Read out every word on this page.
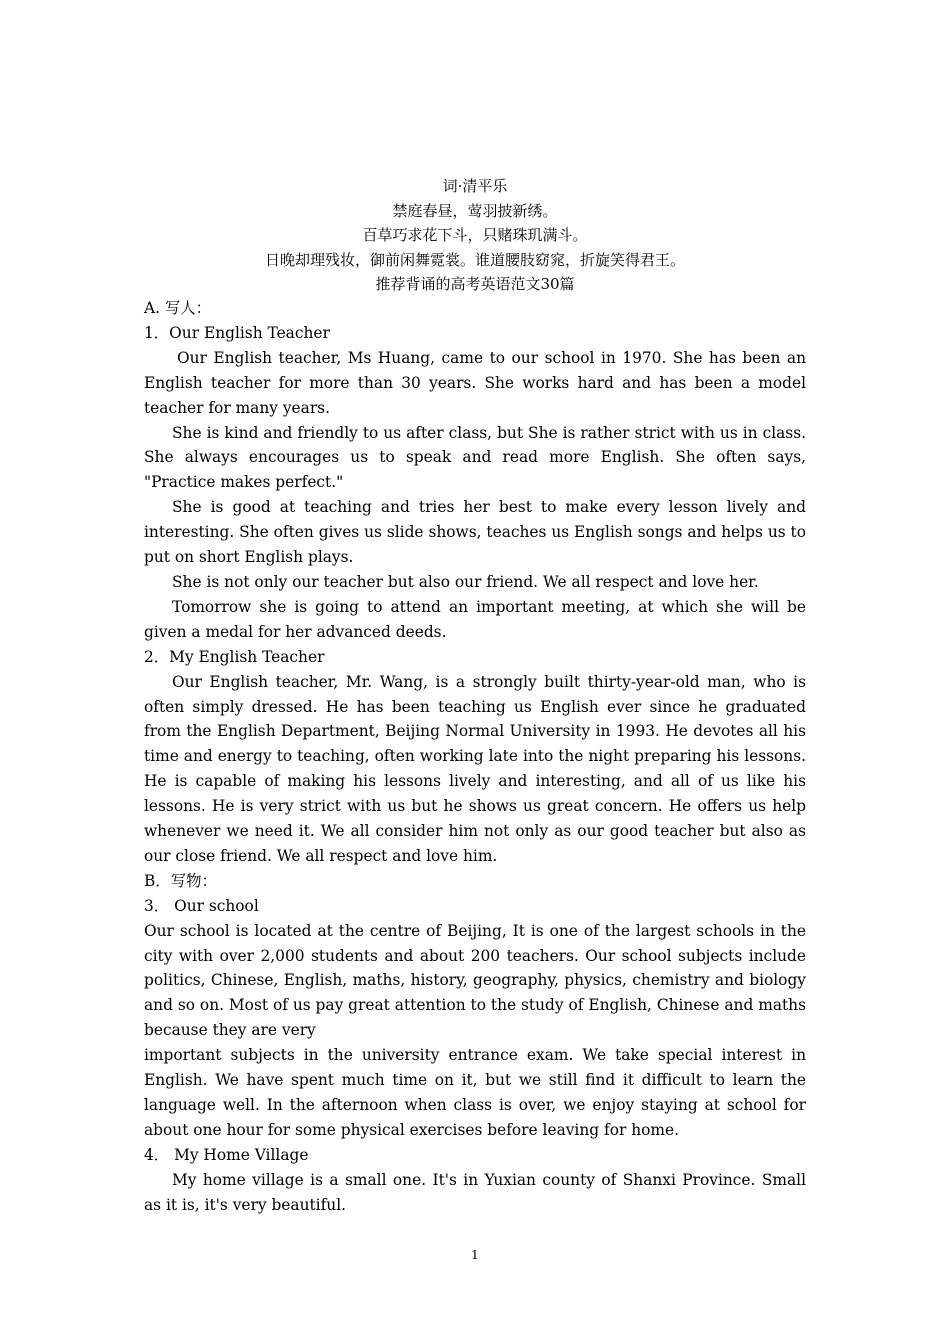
词·清平乐
禁庭春昼，莺羽披新绣。
百草巧求花下斗，只赌珠玑满斗。
日晚却理残妆，御前闲舞霓裳。谁道腰肢窈窕，折旋笑得君王。
推荐背诵的高考英语范文30篇

A. 写人：

1．Our English Teacher

Our English teacher, Ms Huang, came to our school in 1970. She has been an English teacher for more than 30 years. She works hard and has been a model teacher for many years.

She is kind and friendly to us after class, but She is rather strict with us in class. She always encourages us to speak and read more English. She often says, "Practice makes perfect."

She is good at teaching and tries her best to make every lesson lively and interesting. She often gives us slide shows, teaches us English songs and helps us to put on short English plays.

She is not only our teacher but also our friend. We all respect and love her.

Tomorrow she is going to attend an important meeting, at which she will be given a medal for her advanced deeds.

2．My English Teacher

Our English teacher, Mr. Wang, is a strongly built thirty-year-old man, who is often simply dressed. He has been teaching us English ever since he graduated from the English Department, Beijing Normal University in 1993. He devotes all his time and energy to teaching, often working late into the night preparing his lessons. He is capable of making his lessons lively and interesting, and all of us like his lessons. He is very strict with us but he shows us great concern. He offers us help whenever we need it. We all consider him not only as our good teacher but also as our close friend. We all respect and love him.

B．写物：

3． Our school

Our school is located at the centre of Beijing, It is one of the largest schools in the city with over 2,000 students and about 200 teachers. Our school subjects include politics, Chinese, English, maths, history, geography, physics, chemistry and biology and so on. Most of us pay great attention to the study of English, Chinese and maths because they are very

important subjects in the university entrance exam. We take special interest in English. We have spent much time on it, but we still find it difficult to learn the language well. In the afternoon when class is over, we enjoy staying at school for about one hour for some physical exercises before leaving for home.

4． My Home Village

My home village is a small one. It's in Yuxian county of Shanxi Province. Small as it is, it's very beautiful.

1
